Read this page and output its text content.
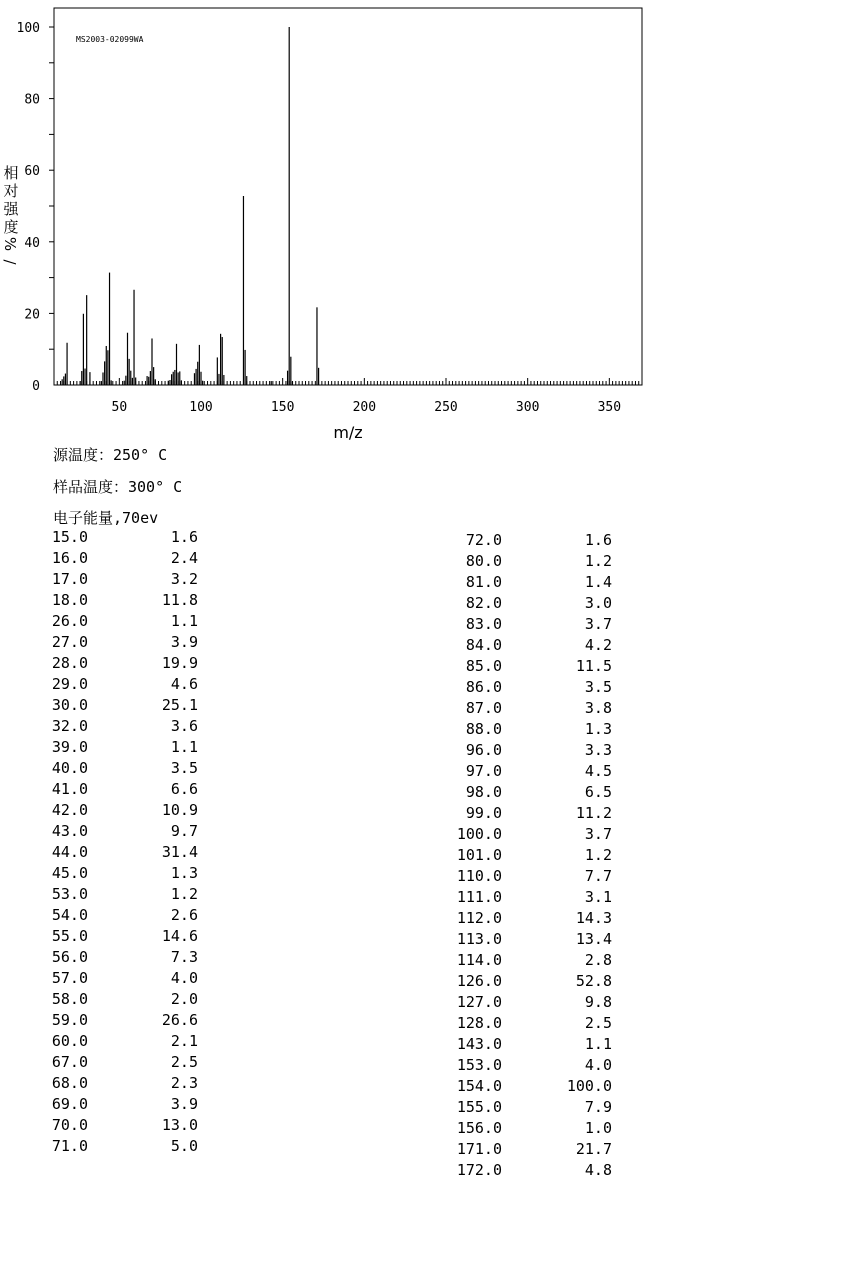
50	100	150	200	250	300	350
0
20
40
60
80
100
MS2003-02099WA
m/z
相
对
强
度
%
/
源温度：250° C
样品温度：300° C
电子能量,70ev
15.0	1.6
16.0	2.4
17.0	3.2
18.0	11.8
26.0	1.1
27.0	3.9
28.0	19.9
29.0	4.6
30.0	25.1
32.0	3.6
39.0	1.1
40.0	3.5
41.0	6.6
42.0	10.9
43.0	9.7
44.0	31.4
45.0	1.3
53.0	1.2
54.0	2.6
55.0	14.6
56.0	7.3
57.0	4.0
58.0	2.0
59.0	26.6
60.0	2.1
67.0	2.5
68.0	2.3
69.0	3.9
70.0	13.0
71.0	5.0
72.0	1.6
80.0	1.2
81.0	1.4
82.0	3.0
83.0	3.7
84.0	4.2
85.0	11.5
86.0	3.5
87.0	3.8
88.0	1.3
96.0	3.3
97.0	4.5
98.0	6.5
99.0	11.2
100.0	3.7
101.0	1.2
110.0	7.7
111.0	3.1
112.0	14.3
113.0	13.4
114.0	2.8
126.0	52.8
127.0	9.8
128.0	2.5
143.0	1.1
153.0	4.0
154.0	100.0
155.0	7.9
156.0	1.0
171.0	21.7
172.0	4.8
